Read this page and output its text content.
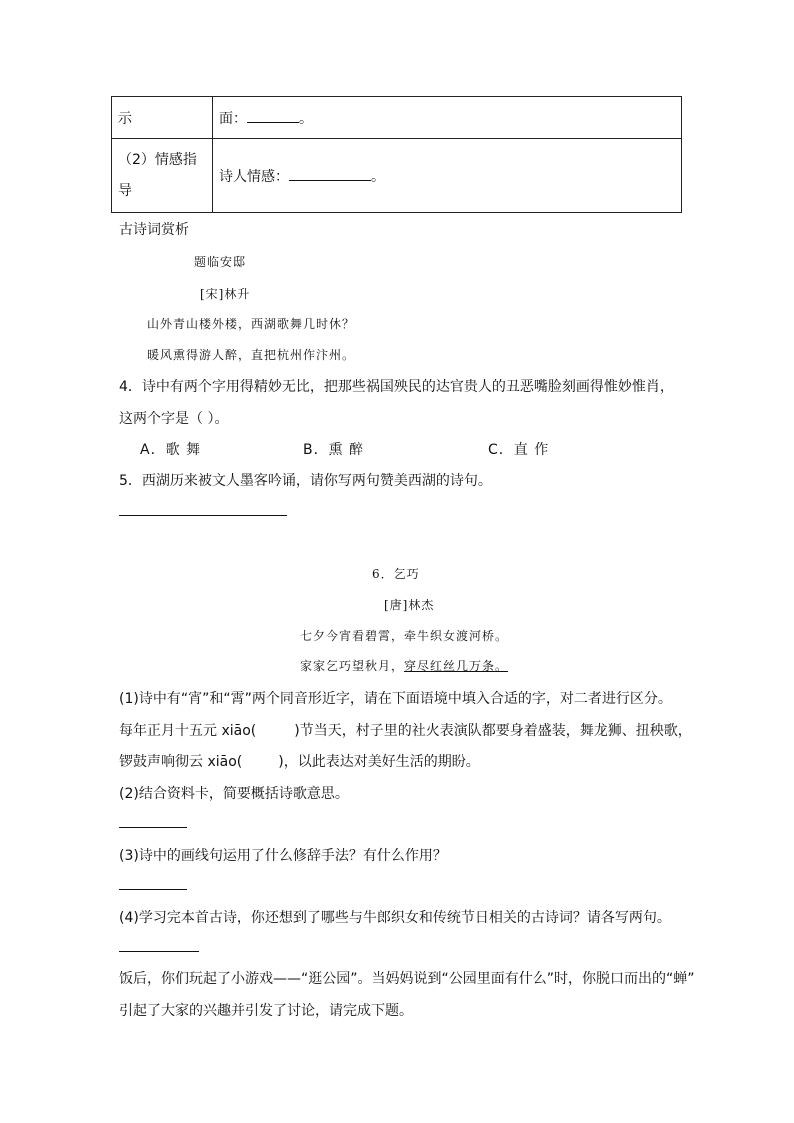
示	面： 。
（2）情感指
导	诗人情感： 。
古诗词赏析
题临安邸
[宋]林升
山外青山楼外楼，西湖歌舞几时休？
暖风熏得游人醉，直把杭州作汴州。
4．诗中有两个字用得精妙无比，把那些祸国殃民的达官贵人的丑恶嘴脸刻画得惟妙惟肖，
这两个字是（ ）。
A．歌 舞	B．熏 醉	C．直 作
5．西湖历来被文人墨客吟诵，请你写两句赞美西湖的诗句。
6．乞巧
[唐]林杰
七夕今宵看碧霄，牵牛织女渡河桥。
家家乞巧望秋月，穿尽红丝几万条。
(1)诗中有“宵”和“霄”两个同音形近字，请在下面语境中填入合适的字，对二者进行区分。
每年正月十五元 xiāo(	)节当天，村子里的社火表演队都要身着盛装，舞龙狮、扭秧歌，
锣鼓声响彻云 xiāo(	)，以此表达对美好生活的期盼。
(2)结合资料卡，简要概括诗歌意思。
(3)诗中的画线句运用了什么修辞手法？有什么作用？
(4)学习完本首古诗，你还想到了哪些与牛郎织女和传统节日相关的古诗词？请各写两句。
饭后，你们玩起了小游戏——“逛公园”。当妈妈说到“公园里面有什么”时，你脱口而出的“蝉”
引起了大家的兴趣并引发了讨论，请完成下题。
